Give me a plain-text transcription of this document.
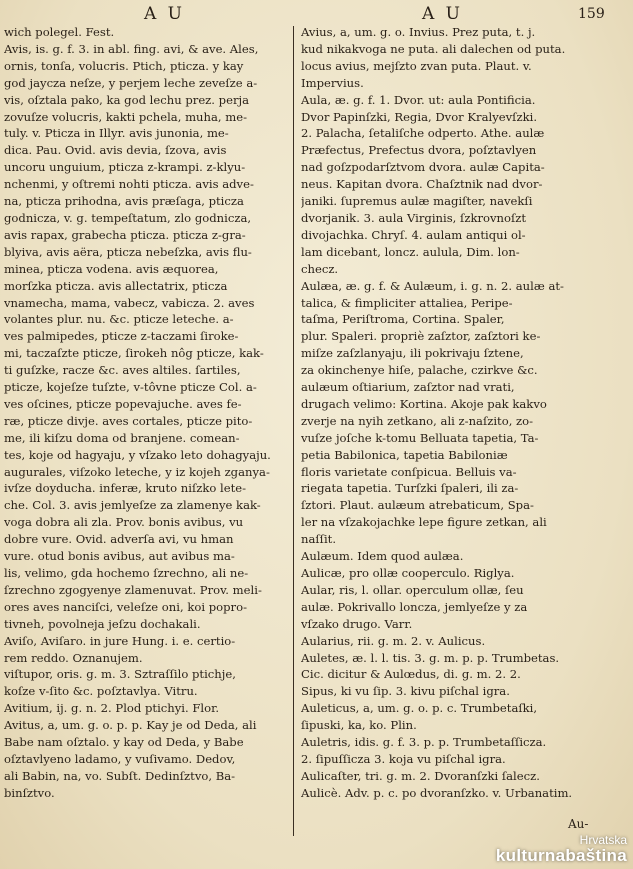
A U	A U	159
wich polegel. Fest.
Avis, is. g. f. 3. in abl. fing. avi, & ave. Ales,
ornis, tonſa, volucris. Ptich, pticza. y kay
god jaycza neſze, y perjem leche zeveſze a-
vis, oſztala pako, ka god lechu prez. perja
zovuſze volucris, kakti pchela, muha, me-
tuly. v. Pticza in Illyr. avis junonia, me-
dica. Pau. Ovid. avis devia, ſzova, avis
uncoru unguium, pticza z-krampi. z-klyu-
nchenmi, y oſtremi nohti pticza. avis adve-
na, pticza prihodna, avis præſaga, pticza
godnicza, v. g. tempeſtatum, zlo godnicza,
avis rapax, grabecha pticza. pticza z-gra-
blyiva, avis aëra, pticza nebeſzka, avis flu-
minea, pticza vodena. avis æquorea,
morſzka pticza. avis allectatrix, pticza
vnamecha, mama, vabecz, vabicza. 2. aves
volantes plur. nu. &c. pticze leteche. a-
ves palmipedes, pticze z-taczami ſiroke-
mi, taczaſzte pticze, ſirokeh nôg pticze, kak-
ti guſzke, racze &c. aves altiles. ſartiles,
pticze, kojeſze tuſzte, v-tôvne pticze Col. a-
ves oſcines, pticze popevajuche. aves fe-
ræ, pticze divje. aves cortales, pticze pito-
me, ili kiſzu doma od branjene. comean-
tes, koje od hagyaju, y vſzako leto dohagyaju.
augurales, viſzoko leteche, y iz kojeh zganya-
ivſze doyducha. inferæ, kruto niſzko lete-
che. Col. 3. avis jemlyeſze za zlamenye kak-
voga dobra ali zla. Prov. bonis avibus, vu
dobre vure. Ovid. adverſa avi, vu hman
vure. otud bonis avibus, aut avibus ma-
lis, velimo, gda hochemo ſzrechno, ali ne-
ſzrechno zgogyenye zlamenuvat. Prov. meli-
ores aves nanciſci, veleſze oni, koi popro-
tivneh, povolneja jeſzu dochakali.
Aviſo, Aviſaro. in jure Hung. i. e. certio-
rem reddo. Oznanujem.
viſtupor, oris. g. m. 3. Sztraſſilo ptichje,
koſze v-ſito &c. poſztavlya. Vitru.
Avitium, ij. g. n. 2. Plod ptichyi. Flor.
Avitus, a, um. g. o. p. p. Kay je od Deda, ali
Babe nam oſztalo. y kay od Deda, y Babe
oſztavlyeno ladamo, y vuſivamo. Dedov,
ali Babin, na, vo. Subſt. Dedinſztvo, Ba-
binſztvo.
Avius, a, um. g. o. Invius. Prez puta, t. j.
kud nikakvoga ne puta. ali dalechen od puta.
locus avius, mejſzto zvan puta. Plaut. v.
Impervius.
Aula, æ. g. f. 1. Dvor. ut: aula Pontificia.
Dvor Papinſzki, Regia, Dvor Kralyevſzki.
2. Palacha, ſetaliſche odperto. Athe. aulæ
Præfectus, Prefectus dvora, poſztavlyen
nad goſzpodarſztvom dvora. aulæ Capita-
neus. Kapitan dvora. Chaſztnik nad dvor-
janiki. ſupremus aulæ magiſter, navekſi
dvorjanik. 3. aula Virginis, ſzkrovnoſzt
divojachka. Chryſ. 4. aulam antiqui ol-
lam dicebant, loncz. aulula, Dim. lon-
checz.
Aulæa, æ. g. f. & Aulæum, i. g. n. 2. aulæ at-
talica, & fimpliciter attaliea, Peripe-
taſma, Periſtroma, Cortina. Spaler,
plur. Spaleri. propriè zaſztor, zaſztori ke-
miſze zaſzlanyaju, ili pokrivaju ſztene,
za okinchenye hiſe, palache, czirkve &c.
aulæum oſtiarium, zaſztor nad vrati,
drugach velimo: Kortina. Akoje pak kakvo
zverje na nyih zetkano, ali z-naſzito, zo-
vuſze joſche k-tomu Belluata tapetia, Ta-
petia Babilonica, tapetia Babiloniæ
floris varietate conſpicua. Belluis va-
riegata tapetia. Turſzki ſpaleri, ili za-
ſztori. Plaut. aulæum atrebaticum, Spa-
ler na vſzakojachke lepe figure zetkan, ali
naſſit.
Aulæum. Idem quod aulæa.
Aulicæ, pro ollæ cooperculo. Riglya.
Aular, ris, l. ollar. operculum ollæ, ſeu
aulæ. Pokrivallo loncza, jemlyeſze y za
vſzako drugo. Varr.
Aularius, rii. g. m. 2. v. Aulicus.
Auletes, æ. l. l. tis. 3. g. m. p. p. Trumbetas.
Cic. dicitur & Aulœdus, di. g. m. 2. 2.
Sipus, ki vu ſip. 3. kivu piſchal igra.
Auleticus, a, um. g. o. p. c. Trumbetaſki,
ſipuski, ka, ko. Plin.
Auletris, idis. g. f. 3. p. p. Trumbetaſſicza.
2. ſipuſſicza 3. koja vu piſchal igra.
Aulicaſter, tri. g. m. 2. Dvoranſzki ſalecz.
Aulicè. Adv. p. c. po dvoranſzko. v. Urbanatim.
Au-
Hrvatska
kulturnabaština
